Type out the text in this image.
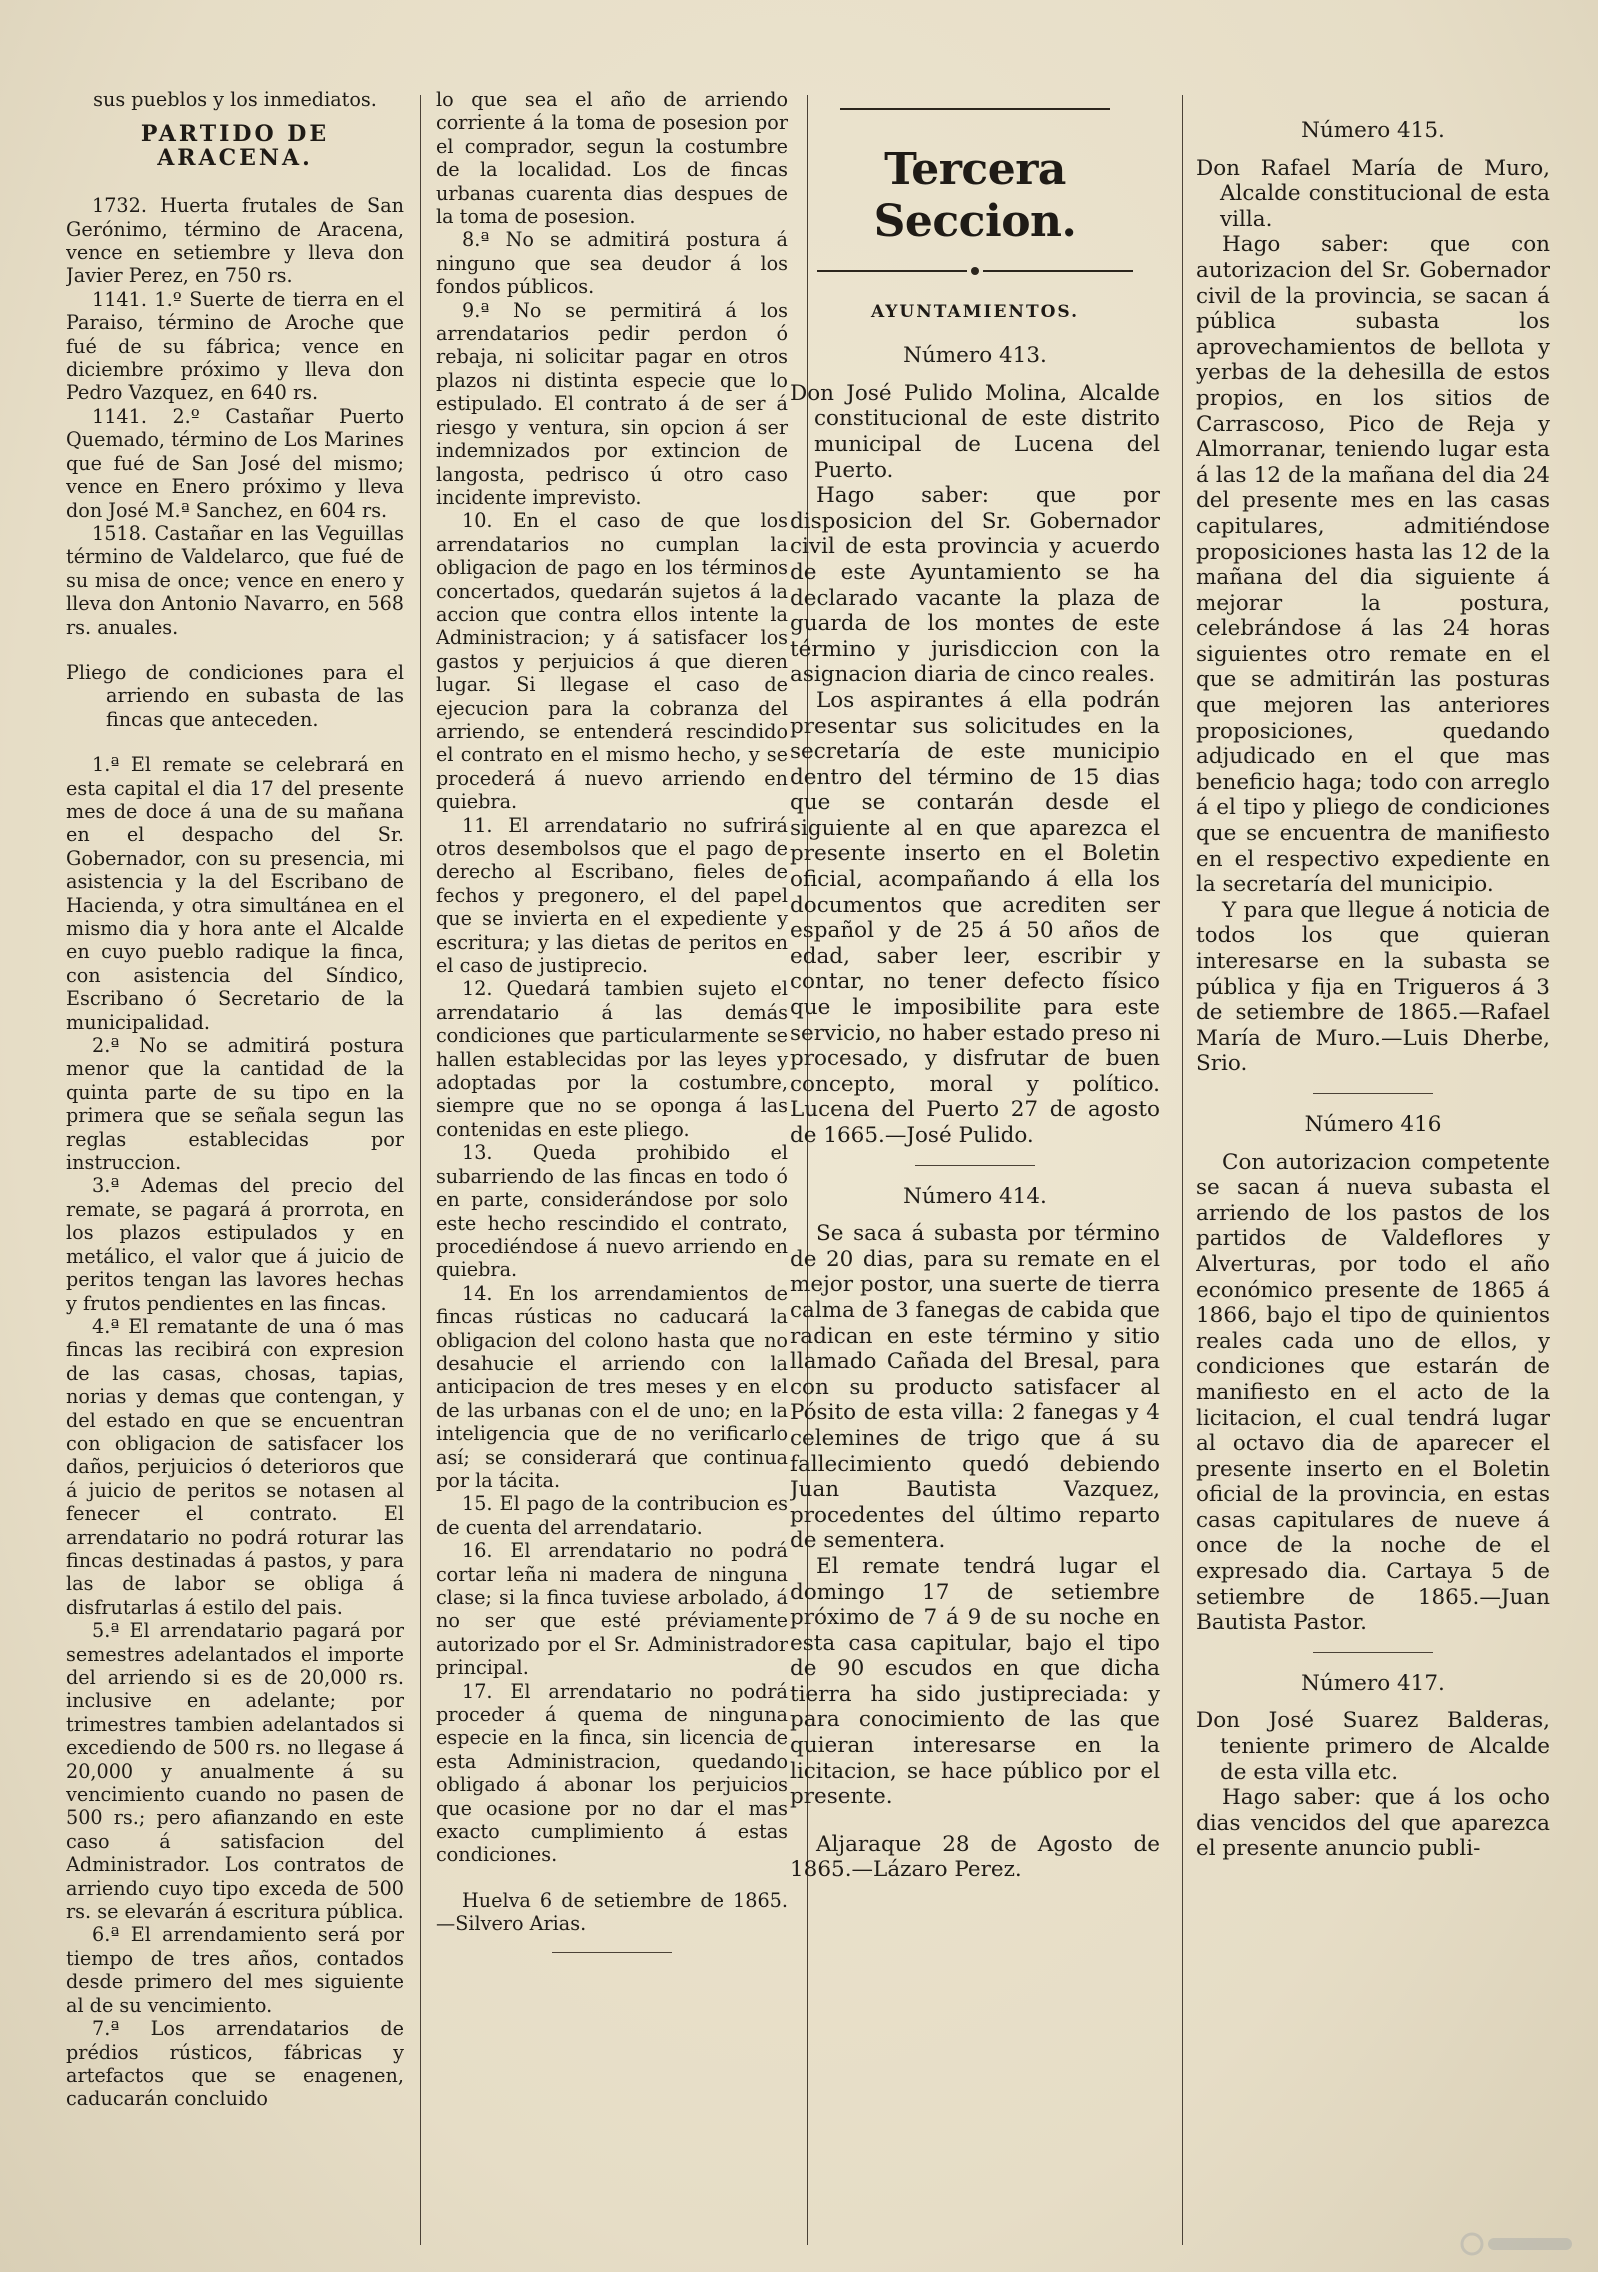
sus pueblos y los inmediatos.

PARTIDO DE ARACENA.

1732. Huerta frutales de San Gerónimo, término de Aracena, vence en setiembre y lleva don Javier Perez, en 750 rs.

1141. 1.º Suerte de tierra en el Paraiso, término de Aroche que fué de su fábrica; vence en diciembre próximo y lleva don Pedro Vazquez, en 640 rs.

1141. 2.º Castañar Puerto Quemado, término de Los Marines que fué de San José del mismo; vence en Enero próximo y lleva don José M.ª Sanchez, en 604 rs.

1518. Castañar en las Veguillas término de Valdelarco, que fué de su misa de once; vence en enero y lleva don Antonio Navarro, en 568 rs. anuales.

Pliego de condiciones para el arriendo en subasta de las fincas que anteceden.

1.ª El remate se celebrará en esta capital el dia 17 del presente mes de doce á una de su mañana en el despacho del Sr. Gobernador, con su presencia, mi asistencia y la del Escribano de Hacienda, y otra simultánea en el mismo dia y hora ante el Alcalde en cuyo pueblo radique la finca, con asistencia del Síndico, Escribano ó Secretario de la municipalidad.

2.ª No se admitirá postura menor que la cantidad de la quinta parte de su tipo en la primera que se señala segun las reglas establecidas por instruccion.

3.ª Ademas del precio del remate, se pagará á prorrota, en los plazos estipulados y en metálico, el valor que á juicio de peritos tengan las lavores hechas y frutos pendientes en las fincas.

4.ª El rematante de una ó mas fincas las recibirá con expresion de las casas, chosas, tapias, norias y demas que contengan, y del estado en que se encuentran con obligacion de satisfacer los daños, perjuicios ó deterioros que á juicio de peritos se notasen al fenecer el contrato. El arrendatario no podrá roturar las fincas destinadas á pastos, y para las de labor se obliga á disfrutarlas á estilo del pais.

5.ª El arrendatario pagará por semestres adelantados el importe del arriendo si es de 20,000 rs. inclusive en adelante; por trimestres tambien adelantados si excediendo de 500 rs. no llegase á 20,000 y anualmente á su vencimiento cuando no pasen de 500 rs.; pero afianzando en este caso á satisfacion del Administrador. Los contratos de arriendo cuyo tipo exceda de 500 rs. se elevarán á escritura pública.

6.ª El arrendamiento será por tiempo de tres años, contados desde primero del mes siguiente al de su vencimiento.

7.ª Los arrendatarios de prédios rústicos, fábricas y artefactos que se enagenen, caducarán concluido

lo que sea el año de arriendo corriente á la toma de posesion por el comprador, segun la costumbre de la localidad. Los de fincas urbanas cuarenta dias despues de la toma de posesion.

8.ª No se admitirá postura á ninguno que sea deudor á los fondos públicos.

9.ª No se permitirá á los arrendatarios pedir perdon ó rebaja, ni solicitar pagar en otros plazos ni distinta especie que lo estipulado. El contrato á de ser á riesgo y ventura, sin opcion á ser indemnizados por extincion de langosta, pedrisco ú otro caso incidente imprevisto.

10. En el caso de que los arrendatarios no cumplan la obligacion de pago en los términos concertados, quedarán sujetos á la accion que contra ellos intente la Administracion; y á satisfacer los gastos y perjuicios á que dieren lugar. Si llegase el caso de ejecucion para la cobranza del arriendo, se entenderá rescindido el contrato en el mismo hecho, y se procederá á nuevo arriendo en quiebra.

11. El arrendatario no sufrirá otros desembolsos que el pago de derecho al Escribano, fieles de fechos y pregonero, el del papel que se invierta en el expediente y escritura; y las dietas de peritos en el caso de justiprecio.

12. Quedará tambien sujeto el arrendatario á las demás condiciones que particularmente se hallen establecidas por las leyes y adoptadas por la costumbre, siempre que no se oponga á las contenidas en este pliego.

13. Queda prohibido el subarriendo de las fincas en todo ó en parte, considerándose por solo este hecho rescindido el contrato, procediéndose á nuevo arriendo en quiebra.

14. En los arrendamientos de fincas rústicas no caducará la obligacion del colono hasta que no desahucie el arriendo con la anticipacion de tres meses y en el de las urbanas con el de uno; en la inteligencia que de no verificarlo así; se considerará que continua por la tácita.

15. El pago de la contribucion es de cuenta del arrendatario.

16. El arrendatario no podrá cortar leña ni madera de ninguna clase; si la finca tuviese arbolado, á no ser que esté préviamente autorizado por el Sr. Administrador principal.

17. El arrendatario no podrá proceder á quema de ninguna especie en la finca, sin licencia de esta Administracion, quedando obligado á abonar los perjuicios que ocasione por no dar el mas exacto cumplimiento á estas condiciones.

Huelva 6 de setiembre de 1865. —Silvero Arias.

Tercera Seccion.

AYUNTAMIENTOS.

Número 413.

Don José Pulido Molina, Alcalde constitucional de este distrito municipal de Lucena del Puerto.

Hago saber: que por disposicion del Sr. Gobernador civil de esta provincia y acuerdo de este Ayuntamiento se ha declarado vacante la plaza de guarda de los montes de este término y jurisdiccion con la asignacion diaria de cinco reales.

Los aspirantes á ella podrán presentar sus solicitudes en la secretaría de este municipio dentro del término de 15 dias que se contarán desde el siguiente al en que aparezca el presente inserto en el Boletin oficial, acompañando á ella los documentos que acrediten ser español y de 25 á 50 años de edad, saber leer, escribir y contar, no tener defecto físico que le imposibilite para este servicio, no haber estado preso ni procesado, y disfrutar de buen concepto, moral y político. Lucena del Puerto 27 de agosto de 1665.—José Pulido.

Número 414.

Se saca á subasta por término de 20 dias, para su remate en el mejor postor, una suerte de tierra calma de 3 fanegas de cabida que radican en este término y sitio llamado Cañada del Bresal, para con su producto satisfacer al Pósito de esta villa: 2 fanegas y 4 celemines de trigo que á su fallecimiento quedó debiendo Juan Bautista Vazquez, procedentes del último reparto de sementera.

El remate tendrá lugar el domingo 17 de setiembre próximo de 7 á 9 de su noche en esta casa capitular, bajo el tipo de 90 escudos en que dicha tierra ha sido justipreciada: y para conocimiento de las que quieran interesarse en la licitacion, se hace público por el presente.

Aljaraque 28 de Agosto de 1865.—Lázaro Perez.

Número 415.

Don Rafael María de Muro, Alcalde constitucional de esta villa.

Hago saber: que con autorizacion del Sr. Gobernador civil de la provincia, se sacan á pública subasta los aprovechamientos de bellota y yerbas de la dehesilla de estos propios, en los sitios de Carrascoso, Pico de Reja y Almorranar, teniendo lugar esta á las 12 de la mañana del dia 24 del presente mes en las casas capitulares, admitiéndose proposiciones hasta las 12 de la mañana del dia siguiente á mejorar la postura, celebrándose á las 24 horas siguientes otro remate en el que se admitirán las posturas que mejoren las anteriores proposiciones, quedando adjudicado en el que mas beneficio haga; todo con arreglo á el tipo y pliego de condiciones que se encuentra de manifiesto en el respectivo expediente en la secretaría del municipio.

Y para que llegue á noticia de todos los que quieran interesarse en la subasta se pública y fija en Trigueros á 3 de setiembre de 1865.—Rafael María de Muro.—Luis Dherbe, Srio.

Número 416

Con autorizacion competente se sacan á nueva subasta el arriendo de los pastos de los partidos de Valdeflores y Alverturas, por todo el año económico presente de 1865 á 1866, bajo el tipo de quinientos reales cada uno de ellos, y condiciones que estarán de manifiesto en el acto de la licitacion, el cual tendrá lugar al octavo dia de aparecer el presente inserto en el Boletin oficial de la provincia, en estas casas capitulares de nueve á once de la noche de el expresado dia. Cartaya 5 de setiembre de 1865.—Juan Bautista Pastor.

Número 417.

Don José Suarez Balderas, teniente primero de Alcalde de esta villa etc.

Hago saber: que á los ocho dias vencidos del que aparezca el presente anuncio publi-
